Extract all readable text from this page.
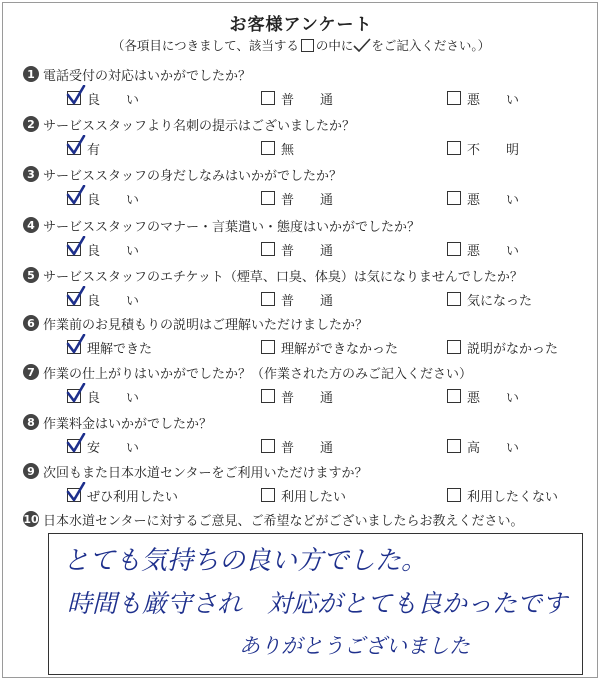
お客様アンケート
（各項目につきまして、該当する の中に をご記入ください。）
1 電話受付の対応はいかがでしたか？
良　　い	普　　通	悪　　い
2 サービススタッフより名刺の提示はございましたか？
有	無	不　　明
3 サービススタッフの身だしなみはいかがでしたか？
良　　い	普　　通	悪　　い
4 サービススタッフのマナー・言葉遣い・態度はいかがでしたか？
良　　い	普　　通	悪　　い
5 サービススタッフのエチケット（煙草、口臭、体臭）は気になりませんでしたか？
良　　い	普　　通	気になった
6 作業前のお見積もりの説明はご理解いただけましたか？
理解できた	理解ができなかった	説明がなかった
7 作業の仕上がりはいかがでしたか？（作業された方のみご記入ください）
良　　い	普　　通	悪　　い
8 作業料金はいかがでしたか？
安　　い	普　　通	高　　い
9 次回もまた日本水道センターをご利用いただけますか？
ぜひ利用したい	利用したい	利用したくない
10 日本水道センターに対するご意見、ご希望などがございましたらお教えください。
とても気持ちの良い方でした。
時間も厳守され　対応がとても良かったです
ありがとうございました
